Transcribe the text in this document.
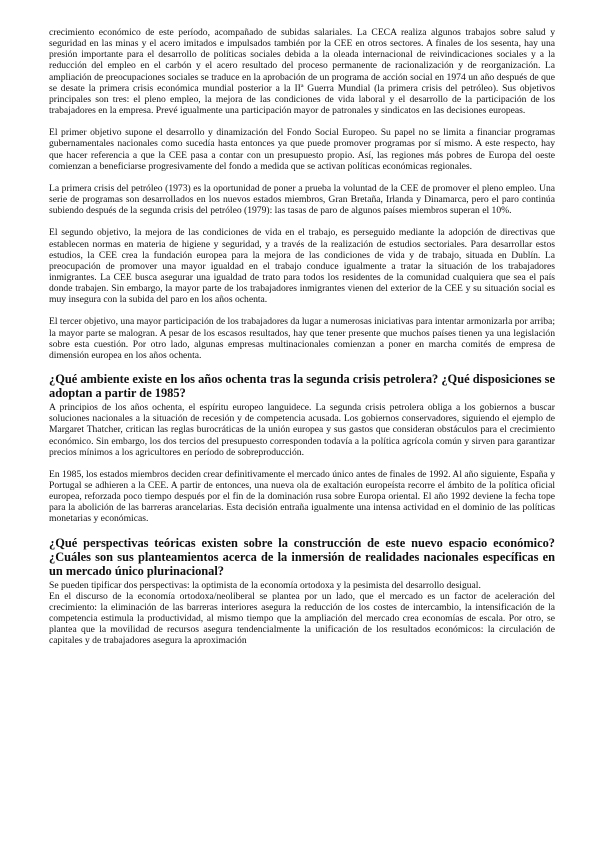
crecimiento económico de este período, acompañado de subidas salariales. La CECA realiza algunos trabajos sobre salud y seguridad en las minas y el acero imitados e impulsados también por la CEE en otros sectores. A finales de los sesenta, hay una presión importante para el desarrollo de políticas sociales debida a la oleada internacional de reivindicaciones sociales y a la reducción del empleo en el carbón y el acero resultado del proceso permanente de racionalización y de reorganización. La ampliación de preocupaciones sociales se traduce en la aprobación de un programa de acción social en 1974 un año después de que se desate la primera crisis económica mundial posterior a la IIª Guerra Mundial (la primera crisis del petróleo). Sus objetivos principales son tres: el pleno empleo, la mejora de las condiciones de vida laboral y el desarrollo de la participación de los trabajadores en la empresa. Prevé igualmente una participación mayor de patronales y sindicatos en las decisiones europeas.

El primer objetivo supone el desarrollo y dinamización del Fondo Social Europeo. Su papel no se limita a financiar programas gubernamentales nacionales como sucedía hasta entonces ya que puede promover programas por sí mismo. A este respecto, hay que hacer referencia a que la CEE pasa a contar con un presupuesto propio. Así, las regiones más pobres de Europa del oeste comienzan a beneficiarse progresivamente del fondo a medida que se activan políticas económicas regionales.

La primera crisis del petróleo (1973) es la oportunidad de poner a prueba la voluntad de la CEE de promover el pleno empleo. Una serie de programas son desarrollados en los nuevos estados miembros, Gran Bretaña, Irlanda y Dinamarca, pero el paro continúa subiendo después de la segunda crisis del petróleo (1979): las tasas de paro de algunos países miembros superan el 10%.

El segundo objetivo, la mejora de las condiciones de vida en el trabajo, es perseguido mediante la adopción de directivas que establecen normas en materia de higiene y seguridad, y a través de la realización de estudios sectoriales. Para desarrollar estos estudios, la CEE crea la fundación europea para la mejora de las condiciones de vida y de trabajo, situada en Dublín. La preocupación de promover una mayor igualdad en el trabajo conduce igualmente a tratar la situación de los trabajadores inmigrantes. La CEE busca asegurar una igualdad de trato para todos los residentes de la comunidad cualquiera que sea el país donde trabajen. Sin embargo, la mayor parte de los trabajadores inmigrantes vienen del exterior de la CEE y su situación social es muy insegura con la subida del paro en los años ochenta.

El tercer objetivo, una mayor participación de los trabajadores da lugar a numerosas iniciativas para intentar armonizarla por arriba; la mayor parte se malogran. A pesar de los escasos resultados, hay que tener presente que muchos países tienen ya una legislación sobre esta cuestión. Por otro lado, algunas empresas multinacionales comienzan a poner en marcha comités de empresa de dimensión europea en los años ochenta.

¿Qué ambiente existe en los años ochenta tras la segunda crisis petrolera? ¿Qué disposiciones se adoptan a partir de 1985?

A principios de los años ochenta, el espíritu europeo languidece. La segunda crisis petrolera obliga a los gobiernos a buscar soluciones nacionales a la situación de recesión y de competencia acusada. Los gobiernos conservadores, siguiendo el ejemplo de Margaret Thatcher, critican las reglas burocráticas de la unión europea y sus gastos que consideran obstáculos para el crecimiento económico. Sin embargo, los dos tercios del presupuesto corresponden todavía a la política agrícola común y sirven para garantizar precios mínimos a los agricultores en período de sobreproducción.

En 1985, los estados miembros deciden crear definitivamente el mercado único antes de finales de 1992. Al año siguiente, España y Portugal se adhieren a la CEE. A partir de entonces, una nueva ola de exaltación europeísta recorre el ámbito de la política oficial europea, reforzada poco tiempo después por el fin de la dominación rusa sobre Europa oriental. El año 1992 deviene la fecha tope para la abolición de las barreras arancelarias. Esta decisión entraña igualmente una intensa actividad en el dominio de las políticas monetarias y económicas.

¿Qué perspectivas teóricas existen sobre la construcción de este nuevo espacio económico? ¿Cuáles son sus planteamientos acerca de la inmersión de realidades nacionales específicas en un mercado único plurinacional?

Se pueden tipificar dos perspectivas: la optimista de la economía ortodoxa y la pesimista del desarrollo desigual.

En el discurso de la economía ortodoxa/neoliberal se plantea por un lado, que el mercado es un factor de aceleración del crecimiento: la eliminación de las barreras interiores asegura la reducción de los costes de intercambio, la intensificación de la competencia estimula la productividad, al mismo tiempo que la ampliación del mercado crea economías de escala. Por otro, se plantea que la movilidad de recursos asegura tendencialmente la unificación de los resultados económicos: la circulación de capitales y de trabajadores asegura la aproximación
